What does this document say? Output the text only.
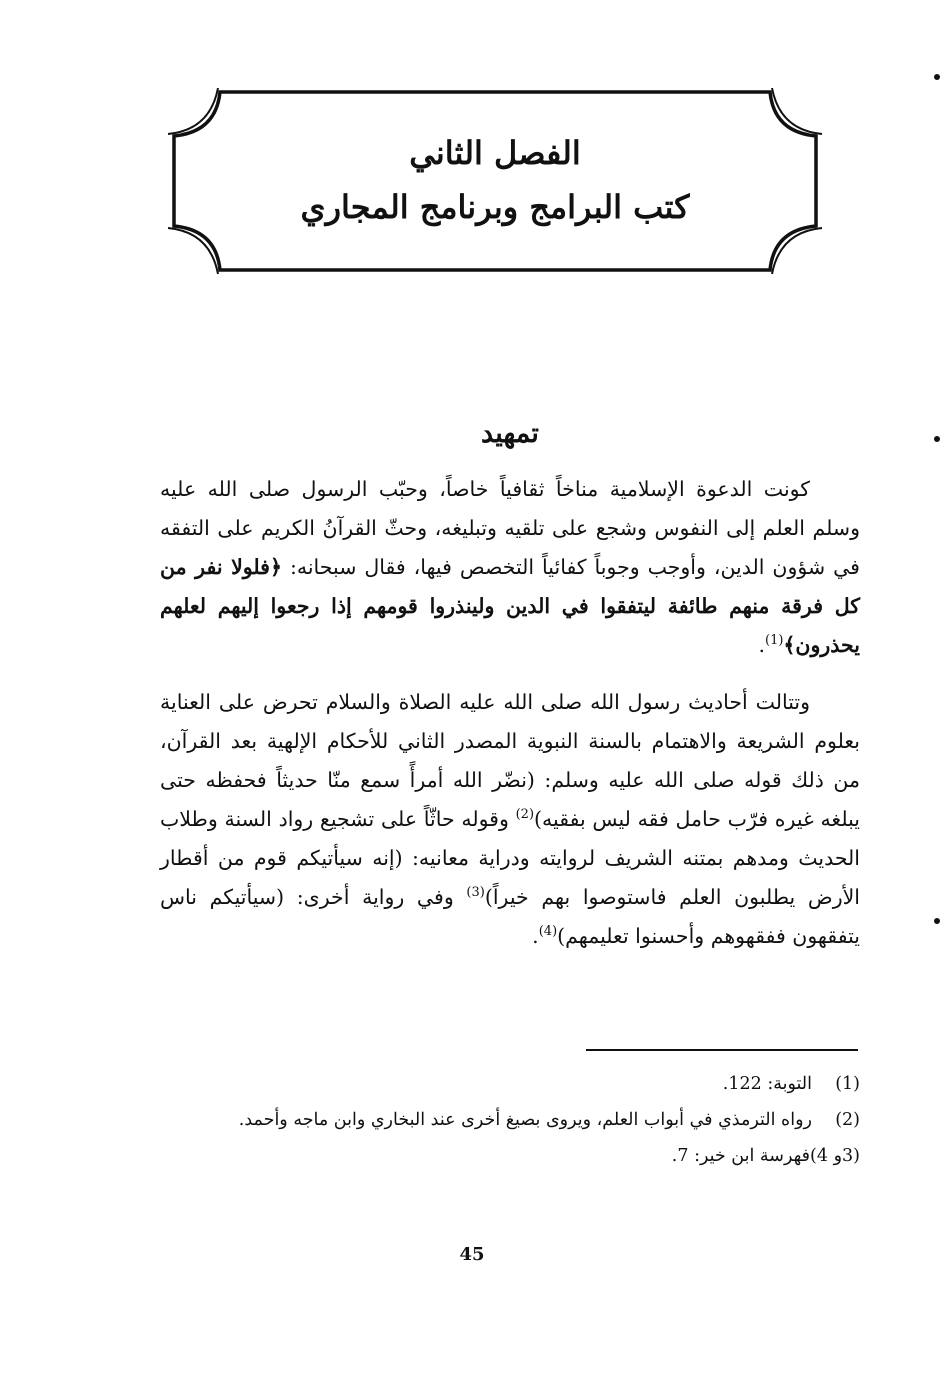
الفصل الثاني
كتب البرامج وبرنامج المجاري
تمهيد

كونت الدعوة الإسلامية مناخاً ثقافياً خاصاً، وحبّب الرسول صلى الله عليه وسلم العلم إلى النفوس وشجع على تلقيه وتبليغه، وحثّ القرآنُ الكريم على التفقه في شؤون الدين، وأوجب وجوباً كفائياً التخصص فيها، فقال سبحانه: ﴿فلولا نفر من كل فرقة منهم طائفة ليتفقوا في الدين ولينذروا قومهم إذا رجعوا إليهم لعلهم يحذرون﴾$^{(1)}$.

وتتالت أحاديث رسول الله صلى الله عليه الصلاة والسلام تحرض على العناية بعلوم الشريعة والاهتمام بالسنة النبوية المصدر الثاني للأحكام الإلهية بعد القرآن، من ذلك قوله صلى الله عليه وسلم: (نضّر الله أمرأً سمع منّا حديثاً فحفظه حتى يبلغه غيره فرّب حامل فقه ليس بفقيه)$^{(2)}$ وقوله حاثّاً على تشجيع رواد السنة وطلاب الحديث ومدهم بمتنه الشريف لروايته ودراية معانيه: (إنه سيأتيكم قوم من أقطار الأرض يطلبون العلم فاستوصوا بهم خيراً)$^{(3)}$ وفي رواية أخرى: (سيأتيكم ناس يتفقهون ففقهوهم وأحسنوا تعليمهم)$^{(4)}$.

(1)
التوبة: 122.
(2)
رواه الترمذي في أبواب العلم، ويروى بصيغ أخرى عند البخاري وابن ماجه وأحمد.
(3و 4)
فهرسة ابن خير: 7.
45
